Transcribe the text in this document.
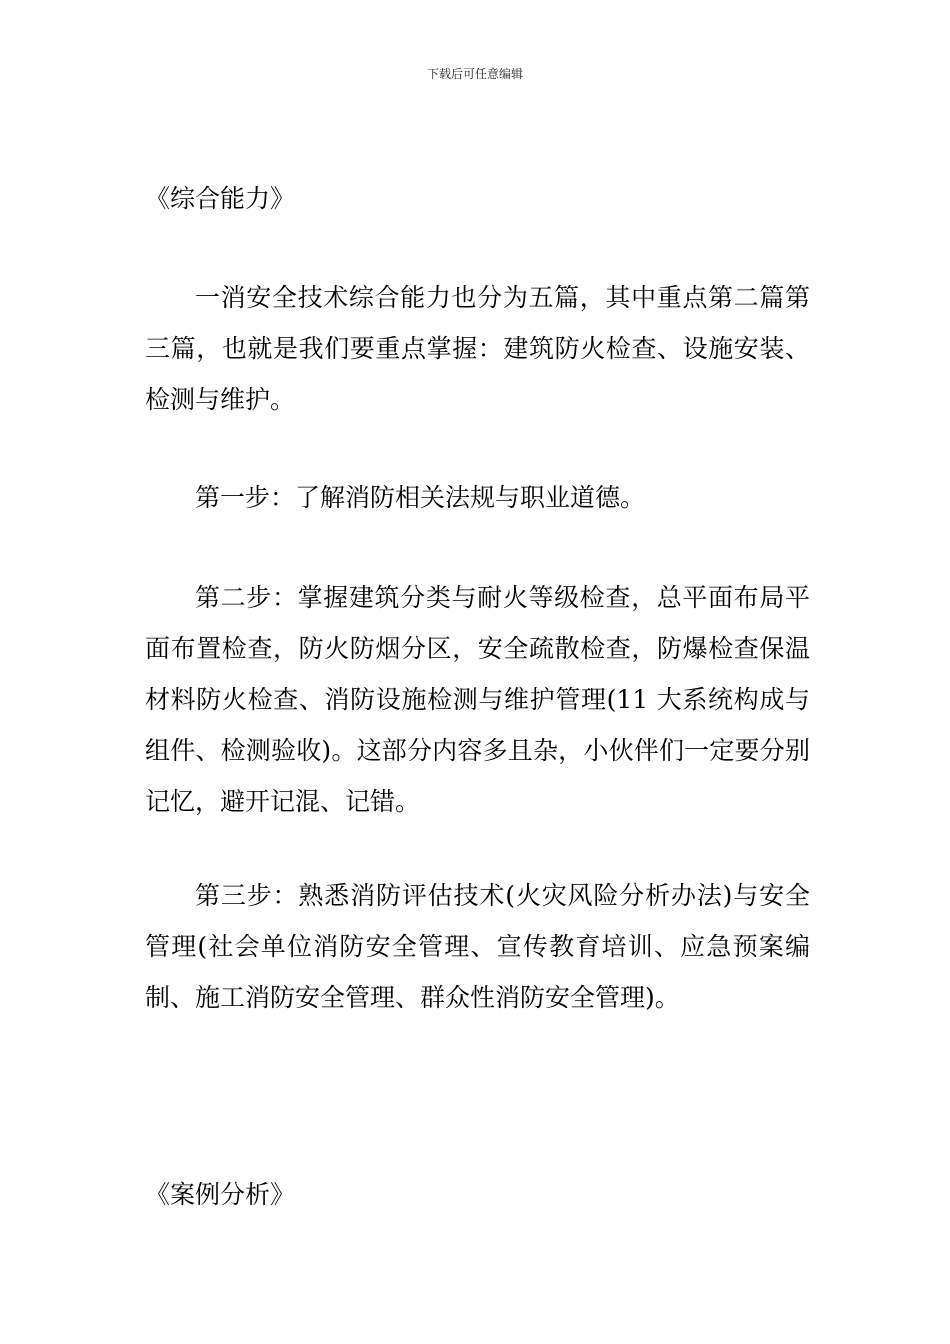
下载后可任意编辑
《综合能力》

一消安全技术综合能力也分为五篇，其中重点第二篇第三篇，也就是我们要重点掌握：建筑防火检查、设施安装、检测与维护。

第一步：了解消防相关法规与职业道德。

第二步：掌握建筑分类与耐火等级检查，总平面布局平面布置检查，防火防烟分区，安全疏散检查，防爆检查保温材料防火检查、消防设施检测与维护管理(11 大系统构成与组件、检测验收)。这部分内容多且杂，小伙伴们一定要分别记忆，避开记混、记错。

第三步：熟悉消防评估技术(火灾风险分析办法)与安全管理(社会单位消防安全管理、宣传教育培训、应急预案编制、施工消防安全管理、群众性消防安全管理)。

《案例分析》
